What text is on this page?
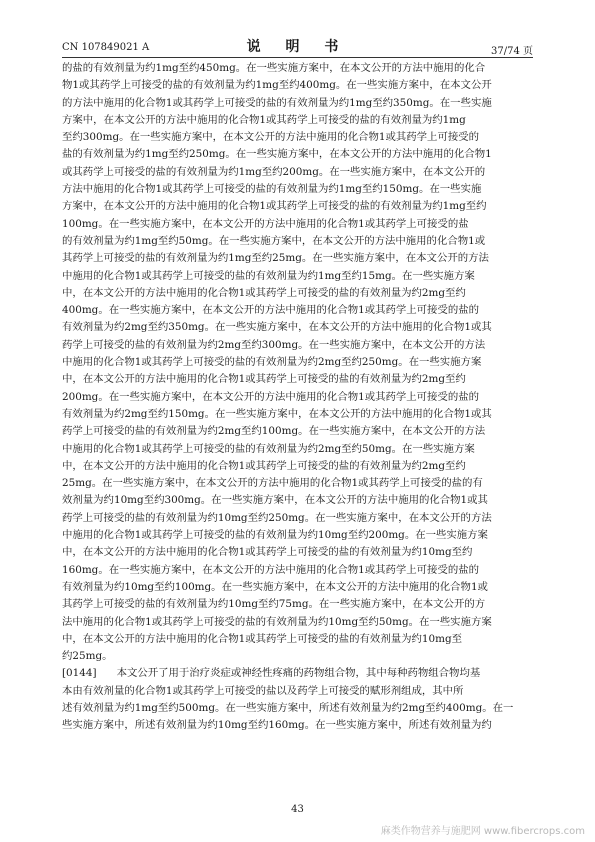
CN 107849021 A	说 明 书	37/74 页
的盐的有效剂量为约1mg至约450mg。在一些实施方案中，在本文公开的方法中施用的化合
物1或其药学上可接受的盐的有效剂量为约1mg至约400mg。在一些实施方案中，在本文公开
的方法中施用的化合物1或其药学上可接受的盐的有效剂量为约1mg至约350mg。在一些实施
方案中，在本文公开的方法中施用的化合物1或其药学上可接受的盐的有效剂量为约1mg
至约300mg。在一些实施方案中，在本文公开的方法中施用的化合物1或其药学上可接受的
盐的有效剂量为约1mg至约250mg。在一些实施方案中，在本文公开的方法中施用的化合物1
或其药学上可接受的盐的有效剂量为约1mg至约200mg。在一些实施方案中，在本文公开的
方法中施用的化合物1或其药学上可接受的盐的有效剂量为约1mg至约150mg。在一些实施
方案中，在本文公开的方法中施用的化合物1或其药学上可接受的盐的有效剂量为约1mg至约
100mg。在一些实施方案中，在本文公开的方法中施用的化合物1或其药学上可接受的盐
的有效剂量为约1mg至约50mg。在一些实施方案中，在本文公开的方法中施用的化合物1或
其药学上可接受的盐的有效剂量为约1mg至约25mg。在一些实施方案中，在本文公开的方法
中施用的化合物1或其药学上可接受的盐的有效剂量为约1mg至约15mg。在一些实施方案
中，在本文公开的方法中施用的化合物1或其药学上可接受的盐的有效剂量为约2mg至约
400mg。在一些实施方案中，在本文公开的方法中施用的化合物1或其药学上可接受的盐的
有效剂量为约2mg至约350mg。在一些实施方案中，在本文公开的方法中施用的化合物1或其
药学上可接受的盐的有效剂量为约2mg至约300mg。在一些实施方案中，在本文公开的方法
中施用的化合物1或其药学上可接受的盐的有效剂量为约2mg至约250mg。在一些实施方案
中，在本文公开的方法中施用的化合物1或其药学上可接受的盐的有效剂量为约2mg至约
200mg。在一些实施方案中，在本文公开的方法中施用的化合物1或其药学上可接受的盐的
有效剂量为约2mg至约150mg。在一些实施方案中，在本文公开的方法中施用的化合物1或其
药学上可接受的盐的有效剂量为约2mg至约100mg。在一些实施方案中，在本文公开的方法
中施用的化合物1或其药学上可接受的盐的有效剂量为约2mg至约50mg。在一些实施方案
中，在本文公开的方法中施用的化合物1或其药学上可接受的盐的有效剂量为约2mg至约
25mg。在一些实施方案中，在本文公开的方法中施用的化合物1或其药学上可接受的盐的有
效剂量为约10mg至约300mg。在一些实施方案中，在本文公开的方法中施用的化合物1或其
药学上可接受的盐的有效剂量为约10mg至约250mg。在一些实施方案中，在本文公开的方法
中施用的化合物1或其药学上可接受的盐的有效剂量为约10mg至约200mg。在一些实施方案
中，在本文公开的方法中施用的化合物1或其药学上可接受的盐的有效剂量为约10mg至约
160mg。在一些实施方案中，在本文公开的方法中施用的化合物1或其药学上可接受的盐的
有效剂量为约10mg至约100mg。在一些实施方案中，在本文公开的方法中施用的化合物1或
其药学上可接受的盐的有效剂量为约10mg至约75mg。在一些实施方案中，在本文公开的方
法中施用的化合物1或其药学上可接受的盐的有效剂量为约10mg至约50mg。在一些实施方案
中，在本文公开的方法中施用的化合物1或其药学上可接受的盐的有效剂量为约10mg至
约25mg。
[0144] 本文公开了用于治疗炎症或神经性疼痛的药物组合物，其中每种药物组合物均基
本由有效剂量的化合物1或其药学上可接受的盐以及药学上可接受的赋形剂组成，其中所
述有效剂量为约1mg至约500mg。在一些实施方案中，所述有效剂量为约2mg至约400mg。在一
些实施方案中，所述有效剂量为约10mg至约160mg。在一些实施方案中，所述有效剂量为约
43
麻类作物营养与施肥网 www.fibercrops.com
